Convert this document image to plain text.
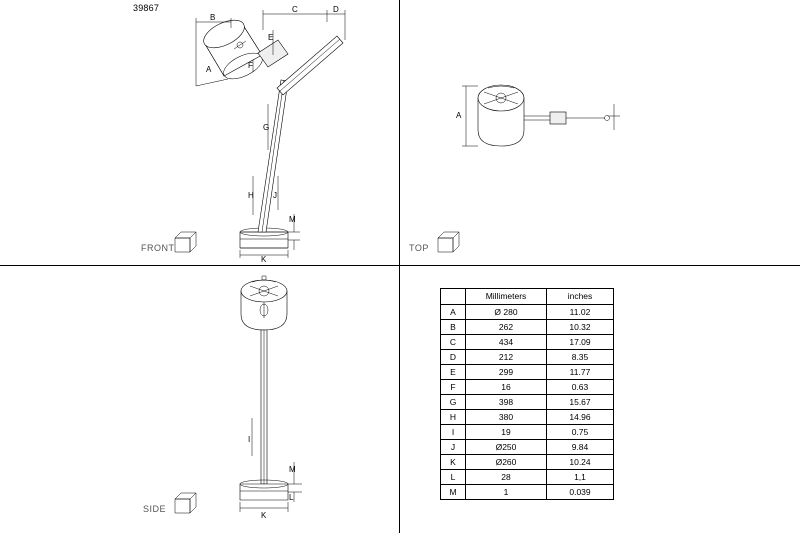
39867
B
A
C	D
E
F
G
H J
M
K
FRONT
A
TOP
I
M
L
K
SIDE
	Millimeters	inches
A	Ø 280	11.02
B	262	10.32
C	434	17.09
D	212	8.35
E	299	11.77
F	16	0.63
G	398	15.67
H	380	14.96
I	19	0.75
J	Ø250	9.84
K	Ø260	10.24
L	28	1,1
M	1	0.039
